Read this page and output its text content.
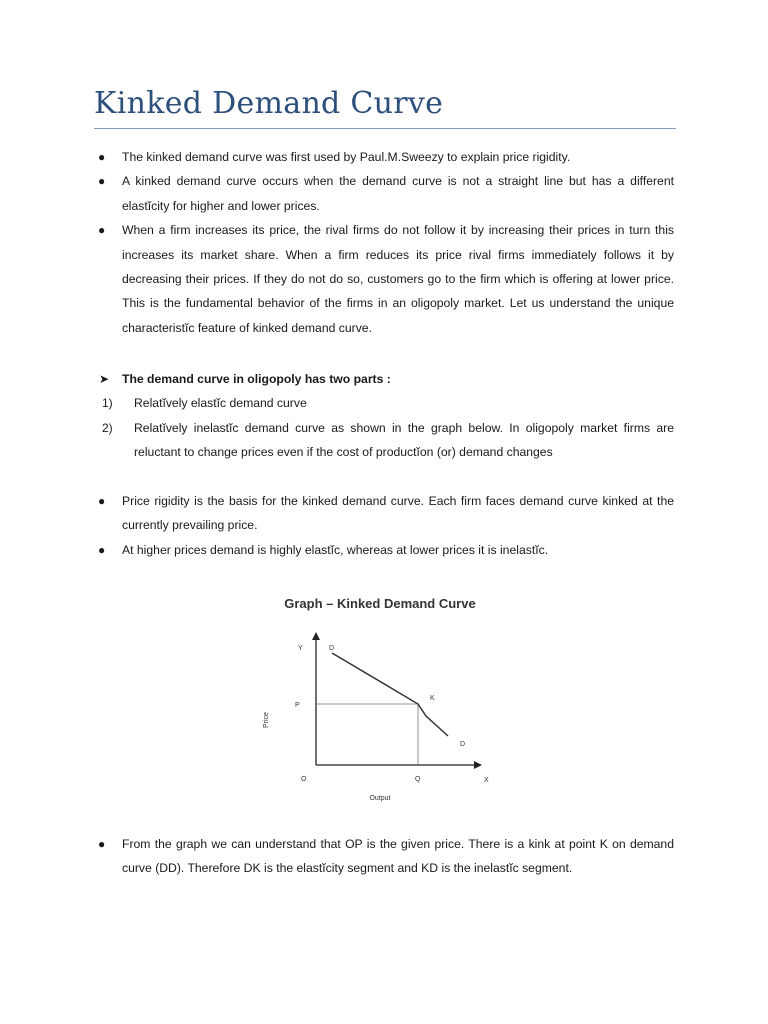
Kinked Demand Curve
● The kinked demand curve was first used by Paul.M.Sweezy to explain price rigidity.
● A kinked demand curve occurs when the demand curve is not a straight line but has a different elastĭcity for higher and lower prices.
● When a firm increases its price, the rival firms do not follow it by increasing their prices in turn this increases its market share. When a firm reduces its price rival firms immediately follows it by decreasing their prices. If they do not do so, customers go to the firm which is offering at lower price. This is the fundamental behavior of the firms in an oligopoly market. Let us understand the unique characteristĭc feature of kinked demand curve.
➤ The demand curve in oligopoly has two parts :
1) Relatĭvely elastĭc demand curve
2) Relatĭvely inelastĭc demand curve as shown in the graph below. In oligopoly market firms are reluctant to change prices even if the cost of productĭon (or) demand changes
● Price rigidity is the basis for the kinked demand curve. Each firm faces demand curve kinked at the currently prevailing price.
● At higher prices demand is highly elastĭc, whereas at lower prices it is inelastĭc.
Graph – Kinked Demand Curve
Y
O	X
P
Q
D
K
D
Price
Output
● From the graph we can understand that OP is the given price. There is a kink at point K on demand curve (DD). Therefore DK is the elastĭcity segment and KD is the inelastĭc segment.
